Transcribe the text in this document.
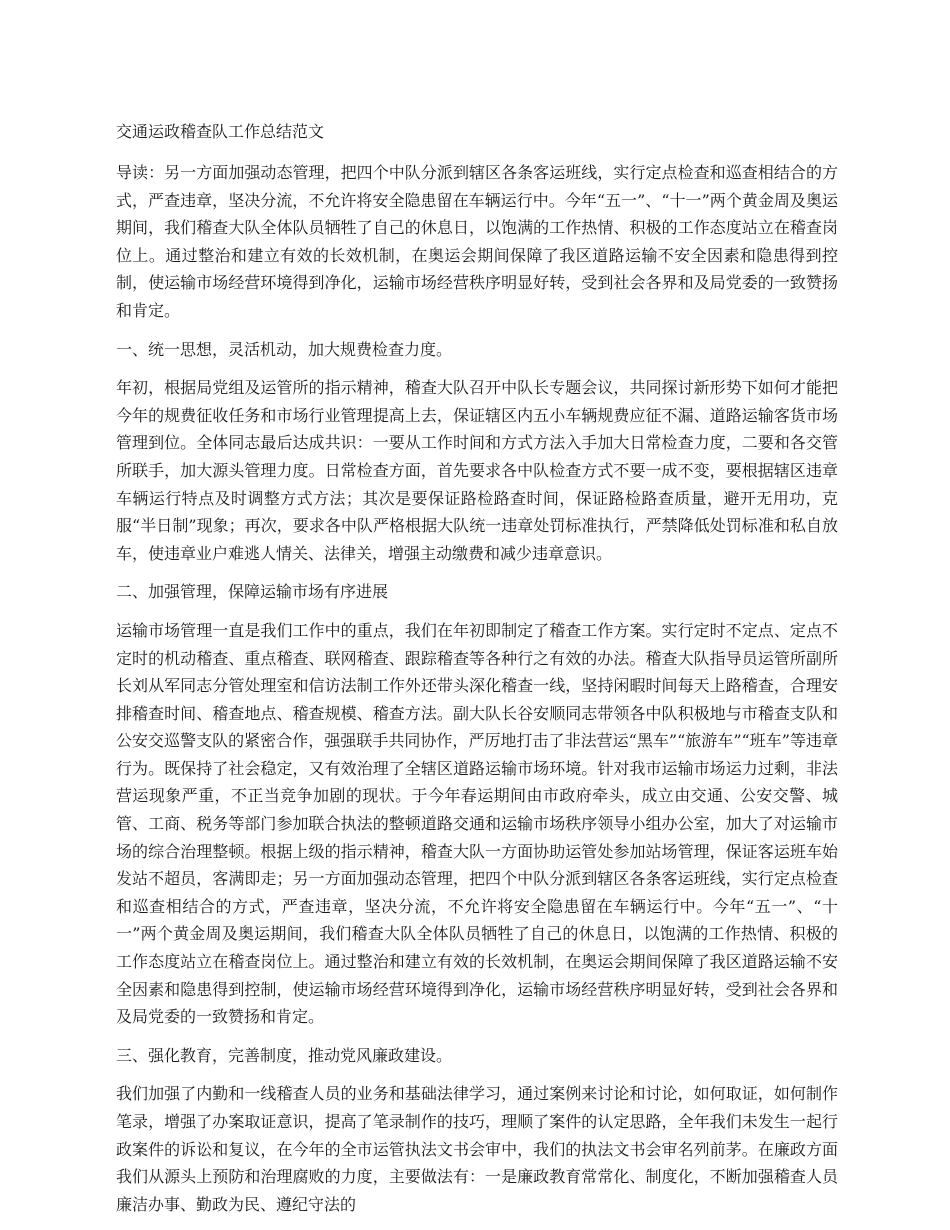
交通运政稽查队工作总结范文

导读：另一方面加强动态管理，把四个中队分派到辖区各条客运班线，实行定点检查和巡查相结合的方式，严查违章，坚决分流，不允许将安全隐患留在车辆运行中。今年“五一”、“十一”两个黄金周及奥运期间，我们稽查大队全体队员牺牲了自己的休息日，以饱满的工作热情、积极的工作态度站立在稽查岗位上。通过整治和建立有效的长效机制，在奥运会期间保障了我区道路运输不安全因素和隐患得到控制，使运输市场经营环境得到净化，运输市场经营秩序明显好转，受到社会各界和及局党委的一致赞扬和肯定。

一、统一思想，灵活机动，加大规费检查力度。

年初，根据局党组及运管所的指示精神，稽查大队召开中队长专题会议，共同探讨新形势下如何才能把今年的规费征收任务和市场行业管理提高上去，保证辖区内五小车辆规费应征不漏、道路运输客货市场管理到位。全体同志最后达成共识：一要从工作时间和方式方法入手加大日常检查力度，二要和各交管所联手，加大源头管理力度。日常检查方面，首先要求各中队检查方式不要一成不变，要根据辖区违章车辆运行特点及时调整方式方法；其次是要保证路检路查时间，保证路检路查质量，避开无用功，克服“半日制”现象；再次，要求各中队严格根据大队统一违章处罚标准执行，严禁降低处罚标准和私自放车，使违章业户难逃人情关、法律关，增强主动缴费和减少违章意识。

二、加强管理，保障运输市场有序进展

运输市场管理一直是我们工作中的重点，我们在年初即制定了稽查工作方案。实行定时不定点、定点不定时的机动稽查、重点稽查、联网稽查、跟踪稽查等各种行之有效的办法。稽查大队指导员运管所副所长刘从军同志分管处理室和信访法制工作外还带头深化稽查一线，坚持闲暇时间每天上路稽查，合理安排稽查时间、稽查地点、稽查规模、稽查方法。副大队长谷安顺同志带领各中队积极地与市稽查支队和公安交巡警支队的紧密合作，强强联手共同协作，严厉地打击了非法营运“黑车”“旅游车”“班车”等违章行为。既保持了社会稳定，又有效治理了全辖区道路运输市场环境。针对我市运输市场运力过剩，非法营运现象严重，不正当竞争加剧的现状。于今年春运期间由市政府牵头，成立由交通、公安交警、城管、工商、税务等部门参加联合执法的整顿道路交通和运输市场秩序领导小组办公室，加大了对运输市场的综合治理整顿。根据上级的指示精神，稽查大队一方面协助运管处参加站场管理，保证客运班车始发站不超员，客满即走；另一方面加强动态管理，把四个中队分派到辖区各条客运班线，实行定点检查和巡查相结合的方式，严查违章，坚决分流，不允许将安全隐患留在车辆运行中。今年“五一”、“十一”两个黄金周及奥运期间，我们稽查大队全体队员牺牲了自己的休息日，以饱满的工作热情、积极的工作态度站立在稽查岗位上。通过整治和建立有效的长效机制，在奥运会期间保障了我区道路运输不安全因素和隐患得到控制，使运输市场经营环境得到净化，运输市场经营秩序明显好转，受到社会各界和及局党委的一致赞扬和肯定。

三、强化教育，完善制度，推动党风廉政建设。

我们加强了内勤和一线稽查人员的业务和基础法律学习，通过案例来讨论和讨论，如何取证，如何制作笔录，增强了办案取证意识，提高了笔录制作的技巧，理顺了案件的认定思路，全年我们未发生一起行政案件的诉讼和复议，在今年的全市运管执法文书会审中，我们的执法文书会审名列前茅。在廉政方面我们从源头上预防和治理腐败的力度，主要做法有：一是廉政教育常常化、制度化，不断加强稽查人员廉洁办事、勤政为民、遵纪守法的
